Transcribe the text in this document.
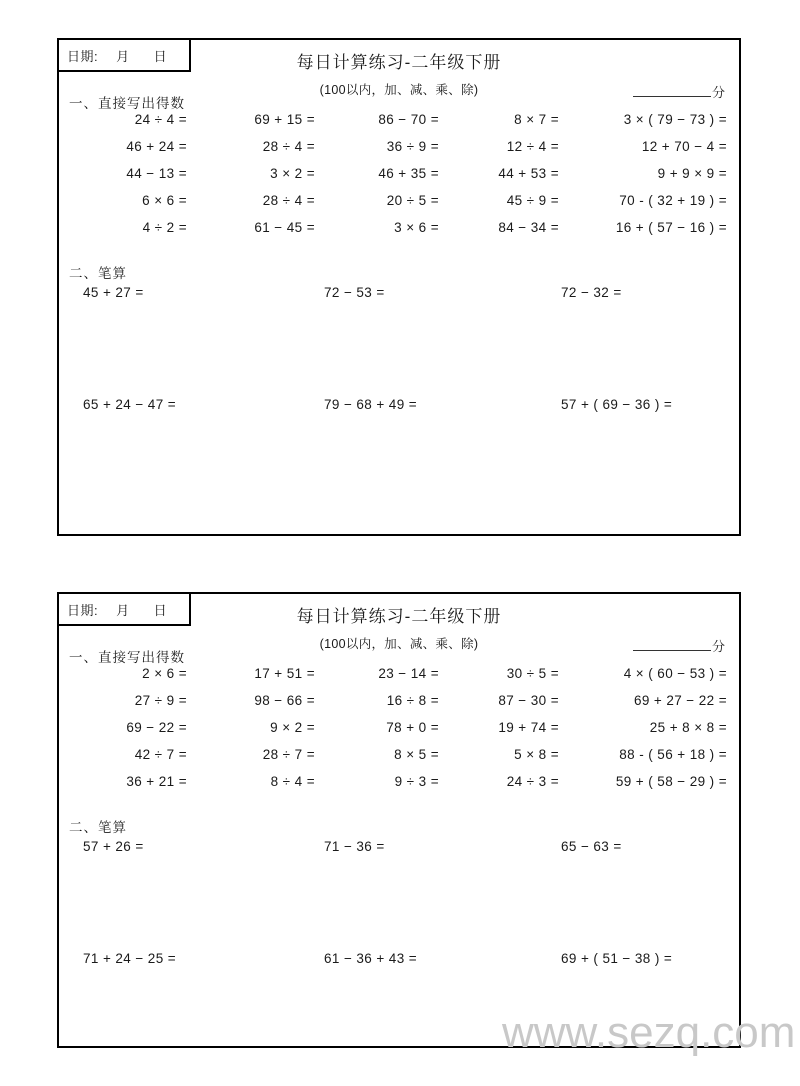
日期: 月 日	每日计算练习-二年级下册
(100以内，加、减、乘、除)	分
一、直接写出得数
24 ÷ 4 =	69 + 15 =	86 − 70 =	8 × 7 =	3 × ( 79 − 73 ) =
46 + 24 =	28 ÷ 4 =	36 ÷ 9 =	12 ÷ 4 =	12 + 70 − 4 =
44 − 13 =	3 × 2 =	46 + 35 =	44 + 53 =	9 + 9 × 9 =
6 × 6 =	28 ÷ 4 =	20 ÷ 5 =	45 ÷ 9 =	70 - ( 32 + 19 ) =
4 ÷ 2 =	61 − 45 =	3 × 6 =	84 − 34 =	16 + ( 57 − 16 ) =
二、笔算
45 + 27 =	72 − 53 =	72 − 32 =
65 + 24 − 47 =	79 − 68 + 49 =	57 + ( 69 − 36 ) =
日期: 月 日	每日计算练习-二年级下册
(100以内，加、减、乘、除)	分
一、直接写出得数
2 × 6 =	17 + 51 =	23 − 14 =	30 ÷ 5 =	4 × ( 60 − 53 ) =
27 ÷ 9 =	98 − 66 =	16 ÷ 8 =	87 − 30 =	69 + 27 − 22 =
69 − 22 =	9 × 2 =	78 + 0 =	19 + 74 =	25 + 8 × 8 =
42 ÷ 7 =	28 ÷ 7 =	8 × 5 =	5 × 8 =	88 - ( 56 + 18 ) =
36 + 21 =	8 ÷ 4 =	9 ÷ 3 =	24 ÷ 3 =	59 + ( 58 − 29 ) =
二、笔算
57 + 26 =	71 − 36 =	65 − 63 =
71 + 24 − 25 =	61 − 36 + 43 =	69 + ( 51 − 38 ) =
www.sezq.com
